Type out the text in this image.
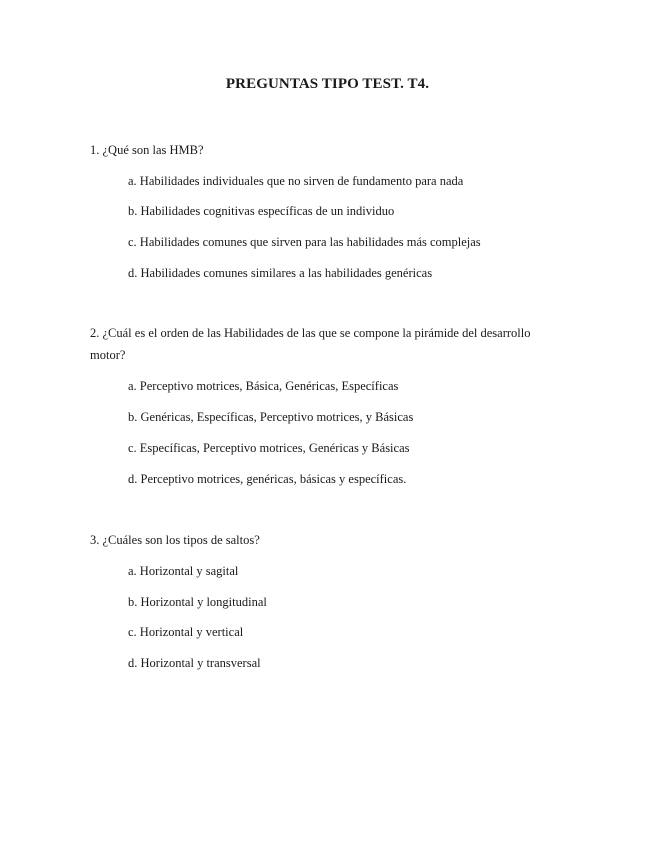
PREGUNTAS TIPO TEST. T4.
1. ¿Qué son las HMB?
a. Habilidades individuales que no sirven de fundamento para nada
b. Habilidades cognitivas específicas de un individuo
c. Habilidades comunes que sirven para las habilidades más complejas
d. Habilidades comunes similares a las habilidades genéricas
2. ¿Cuál es el orden de las Habilidades de las que se compone la pirámide del desarrollo motor?
a. Perceptivo motrices, Básica, Genéricas, Específicas
b. Genéricas, Específicas, Perceptivo motrices, y Básicas
c. Específicas, Perceptivo motrices, Genéricas y Básicas
d. Perceptivo motrices, genéricas, básicas y específicas.
3. ¿Cuáles son los tipos de saltos?
a. Horizontal y sagital
b. Horizontal y longitudinal
c. Horizontal y vertical
d. Horizontal y transversal
